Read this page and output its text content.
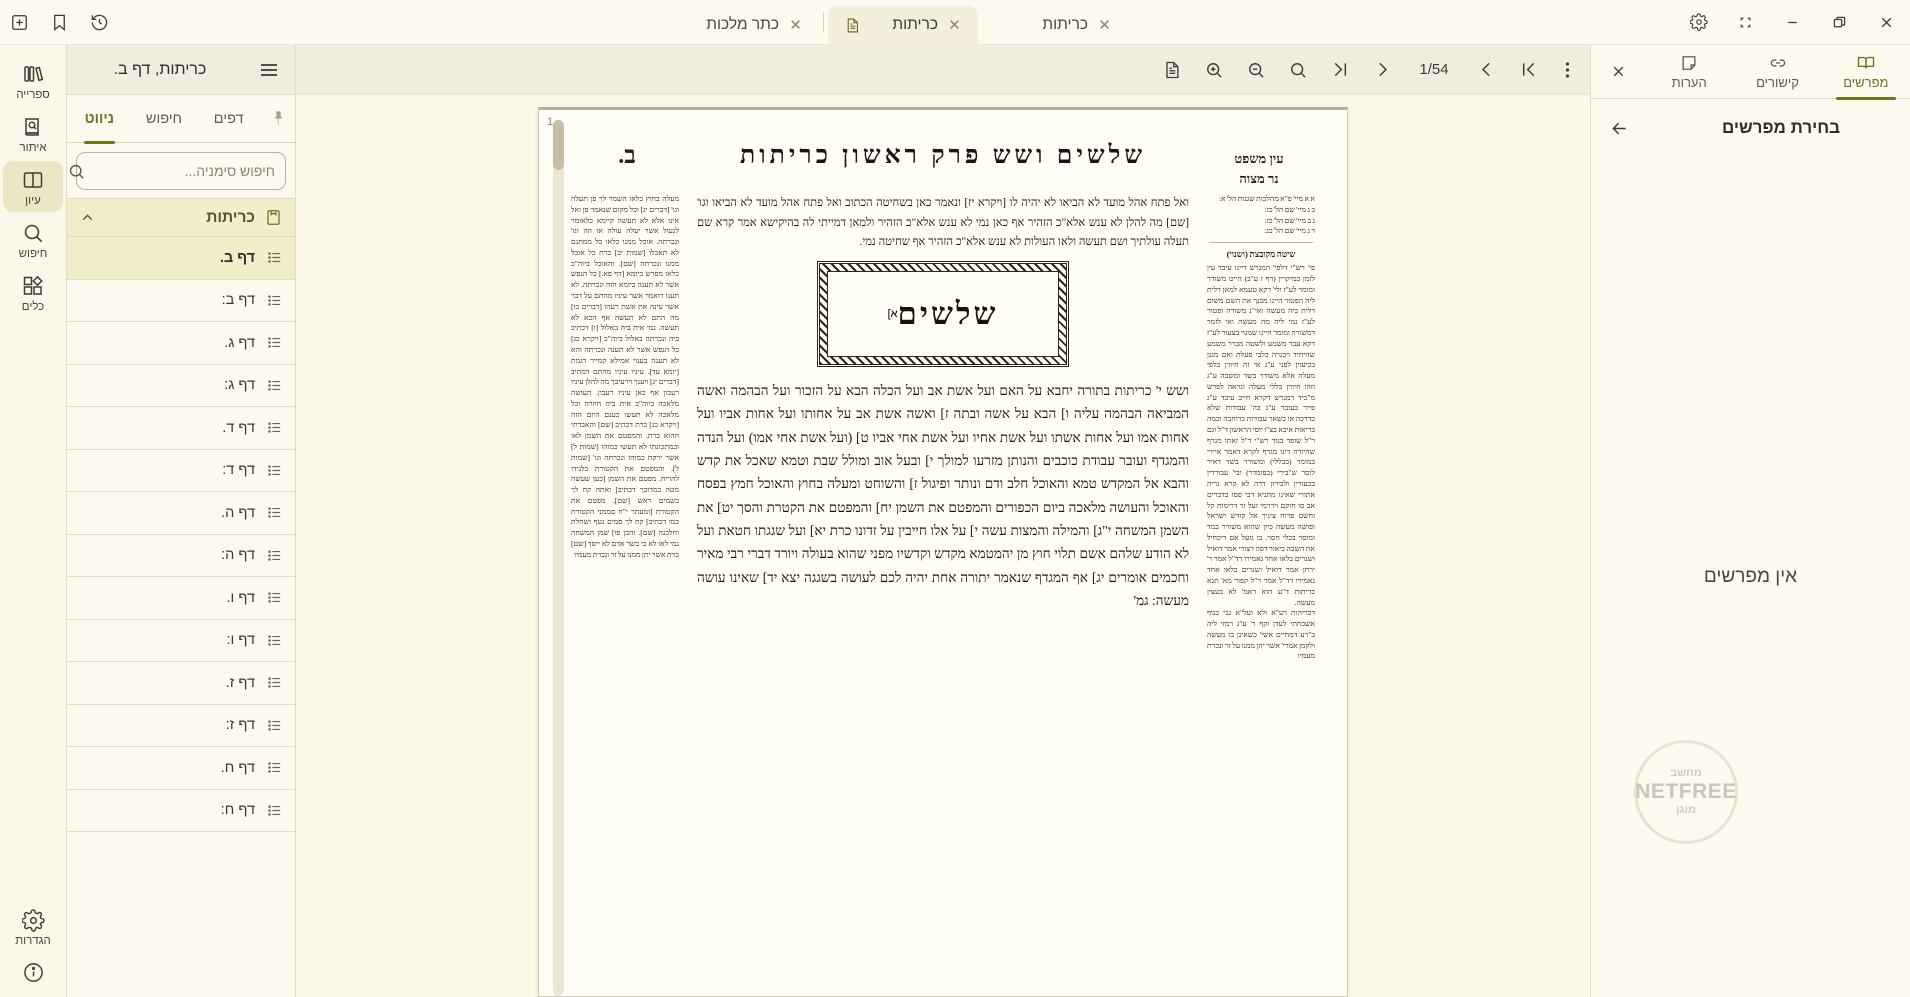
✕
כריתות
✕
כריתות
✕
כתר מלכות
מפרשים
קישורים
הערות
בחירת מפרשים
אין מפרשים
מחשב
NETFREE
מוגן
1/54
1
עין משפט
נר מצוה
שלשים ושש פרק ראשון כריתות
ב.
א א מיי' פ"א מהלכות שגגות הל' א:
ב ג מיי' שם הל' כז:
ג ב מיי' שם הל' כז:
ד ג מיי' שם הל' כג:
שיטה מקובצת (ושנוי)
פי' רש"י דלפי' המגרש דיינו עיבד עין לזמן במיקרין (דף ז ע"ב) הייט משודר ומומר לע"ז ולי' דקא טעמא למאן דלית ליה הפטור היינו מבנך את השם משום דלית ביה מעשה ואי"נ משורה ופטור לע"ז נמי ליה מה מעשה ואי לזמר דמשורה ומומר היינו שמנוי בצעור לע"ז דקא עבד משמע ולשטה מברר משמע שהיחיד ויבגרה בלבי פעלת ואם מגנן בכיעוין לפני ע"ג אי זה חיורן בלפי מעלה אלא משודר בשד ומשבה ע"ג וזהו חיורן כללי מעלה וגראה לפרש מ"כיד דמגרש דקרא חייב עיבד ע"ג פייר בעובד ע"ג בה' עבודות שלא כדרכה או כשאר עבודות כרוחבה וכמה בריאות איבא בצ"ו יוסי הראשון ד"ל וגם ר"ל שופד בנוך רש"י ד"ל זאתו מגרף שהיודה דינו מגרף לקרא דאמר איירי במומר (בכללי) ומשורר בשד דאיר לוסר ש"בירי (בפומדר) ובי' עבורדין בכעורין ולבירון דדה לא קרא נריה אתורי שאינו מתניא דבי פסו בדברים אב סו חוקם ויררמי זעל זר דרימות קל וחשם פרוח ציניך אל קודש ישראל ופושה מעשה כיון שהוא משורר במד ומוסר בכלי חסוי. בו גועל אם דיכחיל את השבה ביאור דפה דצורי אמר דואיל ושנרים בלאו אחד גאמירו דד"ל אמר ר' ירחן אמר דואיל ושנרים בלאו אחד גאמירו דד"ל אמר ר"ל קפור מא' תגא כריתות ד"ע הוא ראמ' לא בעצין מעשה.
דבריהות רע"א ולא ועל"א גבי כנוף אשכחתי לעדן וקף ר' ע"ג רמזי ליה ב"רע דמחיים אשי' כשאינן בו מעשה ולקמן אמרי' אשר יהן ממנו על זר ונכרת מעמיו
ואל פתח אהל מועד לא הביאו לא יהיה לו [ויקרא יז] ונאמר כאן בשחיטה הכתוב ואל פתח אהל מועד לא הביאו וגו' [שם] מה להלן לא ענש אלא"כ הזהיר אף כאן נמי לא ענש אלא"כ הזהיר ולמאן דמייתי לה בהיקישא אמר קרא שם תעלה עולתיך ושם תעשה ולאו העולות לא ענש אלא"כ הזהיר אף שחיטה נמי.
שלשים
א]
ושש י' כריתות בתורה יחבא על האם ועל אשת אב ועל הכלה הבא על הזכור ועל הבהמה ואשה המביאה הבהמה עליה ו] הבא על אשה ובתה ז] ואשה אשת אב על אחותו ועל אחות אביו ועל אחות אמו ועל אחות אשתו ועל אשת אחיו ועל אשת אחי אביו ט] (ועל אשת אחי אמו) ועל הנדה והמגדף ועובר עבודת כוכבים והנותן מזרעו למולך י] ובעל אוב ומולל שבת וטמא שאכל את קדש והבא אל המקדש טמא והאוכל חלב ודם ונותר ופיגול ז] והשוחט ומעלה בחוץ והאוכל חמץ בפסח והאוכל והעושה מלאכה ביום הכפורים והמפטם את השמן יח] והמפטם את הקטרת והסך יט] את השמן המשחה י"ג] והמילה והמצות עשה י] על אלו חייבין על זדונו כרת יא] ועל שגגתו חטאת ועל לא הודע שלהם אשם תלוי חוץ מן יהמטמא מקדש וקדשיו מפני שהוא בעולה ויורד דברי רבי מאיר וחכמים אומרים יג] אף המגדף שנאמר יתורה אחת יהיה לכם לעושה בשגגה יצא יד] שאינו עושה מעשה: גמ'
מעלה בחוץ כלאו השמר לך פן תעלה וגו' [דברים יג] וכל מקום שנאמר פן ואל אינו אלא לא תעשה קיימא כלאומר לגעול אשר יעלה עולה או וזה וגו' ונכרתה. אוכל ממנו כלאו כל ממתנם לא תאכלו [שמות יב] כרת כל אוכל ממנו ונכרתה [שם]. והאוכל ביוה"כ כלאו מפרש ביומא [דף פא.] כל הנפש אשר לא תענה ביומא הזה ונכרתה. לא תענו רואמר אשר עיניו מהתם על דבר אשר עינה את אשת רעהו [דברים כו] מה התם לא תעשה אף הכא לא תעשה. נמי אית ביה באלול [ו] דכתיב ביה ונכרתה באלול ביוה"כ [ויקרא כג] כל הנפש אשר לא תענה ונכרתה והא לא תענה בענוי אמילא קמייר דגמת [יומא עד]. עיניו עיניו מהתם דמתיב [דברים יג] ויענך וירעיבך מה להלן עיניו רעבון אף כאן עיניו רעבון. העושה מלאכה ביוה"כ אית ביה חוזרה וכל מלאכה לא תעשו כענם היום הזה [ויקרא כג] כרת דכתיב [שם] והאבדתי ההוא כרת. והמפטם את השמן לאו ובמתכונתו לא תעשו כמוהו [שמות ל] אשר ירקח כמוהו ונכרתה וגו' [שמות ל]. והמפטם את הקטורת כלנידו להריח. מפטם את השמן [כען שעשה מטה כמדובך דכתיב] ואתה קח לך בשמים ראש [שם]. מפטם את הקטורת [ומעתר י"ח סממני הקטורת כמו דכתיב] קח לך סמים נטף ושחלת וחלבנה [שם]. והכן פו] שמן המשחה נמי לאו לא כי כשר אדם לא ייסך [שם] כרת אשר יתן ממנו על זר ונכרת מעמיו
כריתות, דף ב.
דפים
חיפוש
ניווט
חיפוש סימניה...
כריתות
דף ב.
דף ב:
דף ג.
דף ג:
דף ד.
דף ד:
דף ה.
דף ה:
דף ו.
דף ו:
דף ז.
דף ז:
דף ח.
דף ח:
ספרייה
איתור
עיון
חיפוש
כלים
הגדרות
